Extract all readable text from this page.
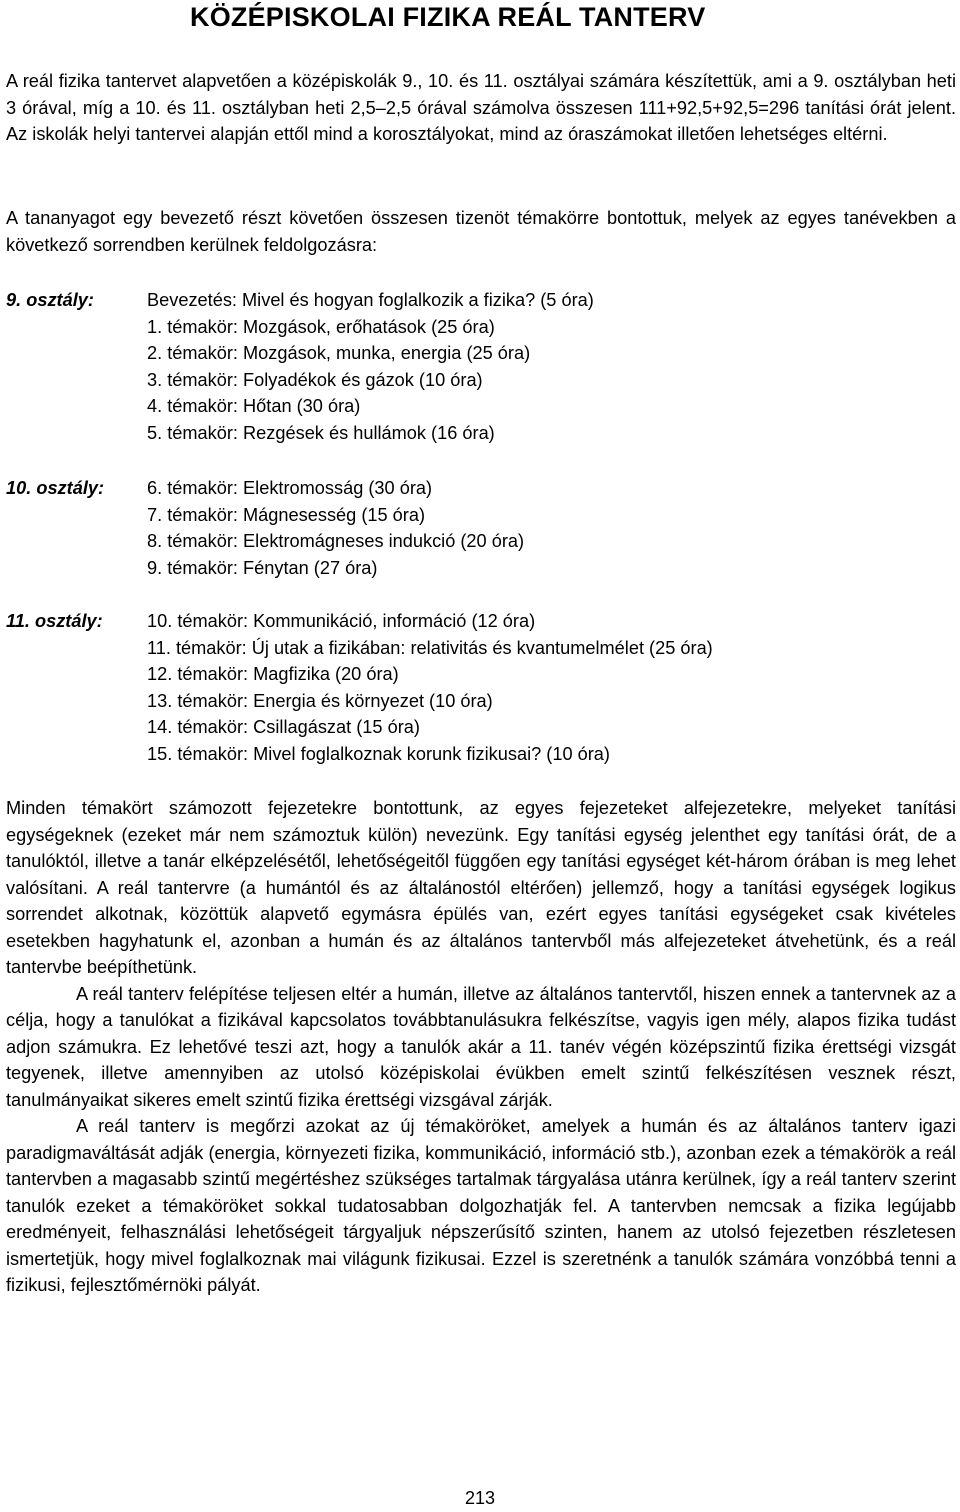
KÖZÉPISKOLAI FIZIKA REÁL TANTERV

A reál fizika tantervet alapvetően a középiskolák 9., 10. és 11. osztályai számára készítettük, ami a 9. osztályban heti 3 órával, míg a 10. és 11. osztályban heti 2,5–2,5 órával számolva összesen 111+92,5+92,5=296 tanítási órát jelent. Az iskolák helyi tantervei alapján ettől mind a korosztályokat, mind az óraszámokat illetően lehetséges eltérni.

A tananyagot egy bevezető részt követően összesen tizenöt témakörre bontottuk, melyek az egyes tanévekben a következő sorrendben kerülnek feldolgozásra:

9. osztály:	Bevezetés: Mivel és hogyan foglalkozik a fizika? (5 óra)
1. témakör: Mozgások, erőhatások (25 óra)
2. témakör: Mozgások, munka, energia (25 óra)
3. témakör: Folyadékok és gázok (10 óra)
4. témakör: Hőtan (30 óra)
5. témakör: Rezgések és hullámok (16 óra)
10. osztály: 6. témakör: Elektromosság (30 óra)
7. témakör: Mágnesesség (15 óra)
8. témakör: Elektromágneses indukció (20 óra)
9. témakör: Fénytan (27 óra)
11. osztály: 10. témakör: Kommunikáció, információ (12 óra)
11. témakör: Új utak a fizikában: relativitás és kvantumelmélet (25 óra)
12. témakör: Magfizika (20 óra)
13. témakör: Energia és környezet (10 óra)
14. témakör: Csillagászat (15 óra)
15. témakör: Mivel foglalkoznak korunk fizikusai? (10 óra)

Minden témakört számozott fejezetekre bontottunk, az egyes fejezeteket alfejezetekre, melyeket tanítási egységeknek (ezeket már nem számoztuk külön) nevezünk. Egy tanítási egység jelenthet egy tanítási órát, de a tanulóktól, illetve a tanár elképzelésétől, lehetőségeitől függően egy tanítási egységet két-három órában is meg lehet valósítani. A reál tantervre (a humántól és az általánostól eltérően) jellemző, hogy a tanítási egységek logikus sorrendet alkotnak, közöttük alapvető egymásra épülés van, ezért egyes tanítási egységeket csak kivételes esetekben hagyhatunk el, azonban a humán és az általános tantervből más alfejezeteket átvehetünk, és a reál tantervbe beépíthetünk.

A reál tanterv felépítése teljesen eltér a humán, illetve az általános tantervtől, hiszen ennek a tantervnek az a célja, hogy a tanulókat a fizikával kapcsolatos továbbtanulásukra felkészítse, vagyis igen mély, alapos fizika tudást adjon számukra. Ez lehetővé teszi azt, hogy a tanulók akár a 11. tanév végén középszintű fizika érettségi vizsgát tegyenek, illetve amennyiben az utolsó középiskolai évükben emelt szintű felkészítésen vesznek részt, tanulmányaikat sikeres emelt szintű fizika érettségi vizsgával zárják.

A reál tanterv is megőrzi azokat az új témaköröket, amelyek a humán és az általános tanterv igazi paradigmaváltását adják (energia, környezeti fizika, kommunikáció, információ stb.), azonban ezek a témakörök a reál tantervben a magasabb szintű megértéshez szükséges tartalmak tárgyalása utánra kerülnek, így a reál tanterv szerint tanulók ezeket a témaköröket sokkal tudatosabban dolgozhatják fel. A tantervben nemcsak a fizika legújabb eredményeit, felhasználási lehetőségeit tárgyaljuk népszerűsítő szinten, hanem az utolsó fejezetben részletesen ismertetjük, hogy mivel foglalkoznak mai világunk fizikusai. Ezzel is szeretnénk a tanulók számára vonzóbbá tenni a fizikusi, fejlesztőmérnöki pályát.

213
